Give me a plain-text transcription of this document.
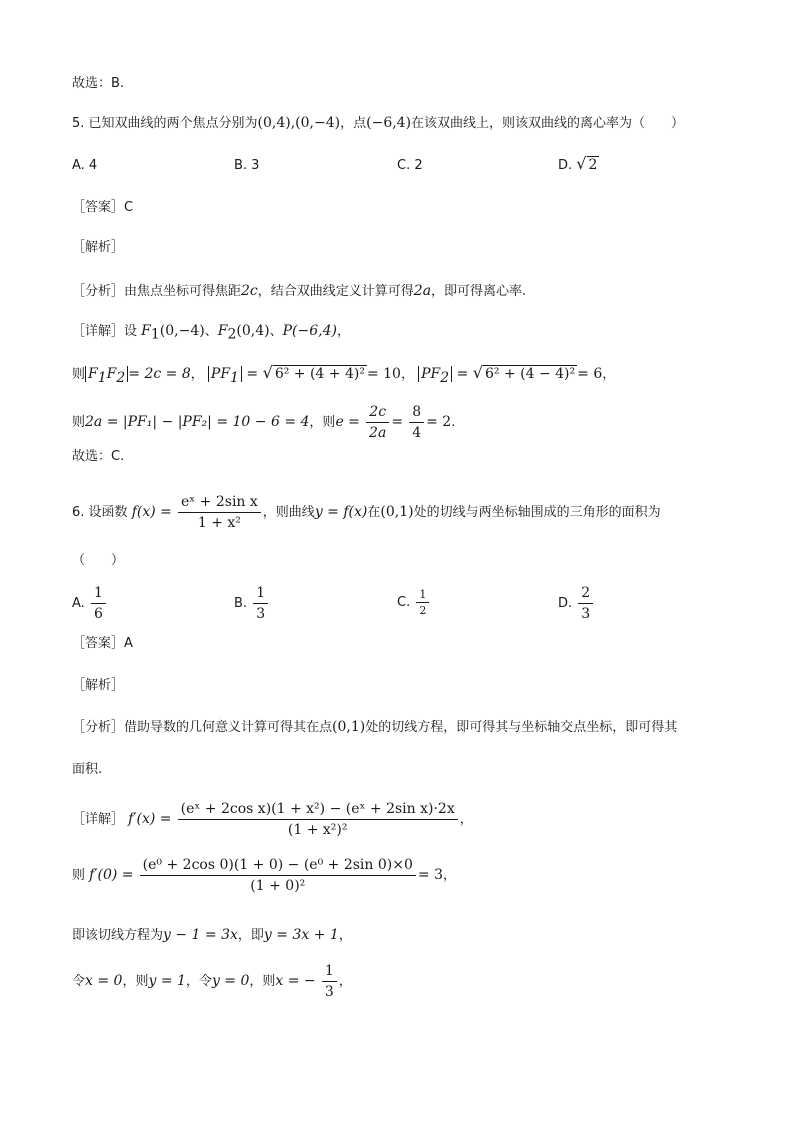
故选：B.
5. 已知双曲线的两个焦点分别为(0,4),(0,−4)，点(−6,4)在该双曲线上，则该双曲线的离心率为（　　）
A. 4	B. 3	C. 2	D. √ 2
［答案］C
［解析］
［分析］由焦点坐标可得焦距2c，结合双曲线定义计算可得2a，即可得离心率.
［详解］设 $F_1(0,-4)$、$F_2(0,4)$、P(−6,4)，
则 $F_1F_2 = 2c = 8$， $PF_1$ = √ 6² + (4 + 4)² = 10， $PF_2$ = √ 6² + (4 − 4)² = 6，
则2a = |PF₁| − |PF₂| = 10 − 6 = 4，则$e = \frac{2c}{2a} = \frac{8}{4} = 2$.
故选：C.
6. 设函数 $f(x) = \frac{\text{eˣ + 2sin x}}{\text{1 + x²}}$ ，则曲线y = f(x)在(0,1)处的切线与两坐标轴围成的三角形的面积为
（　　）
A. $\frac{1}{6}$	B. $\frac{1}{3}$	C. $\frac{1}{2}$	D. $\frac{2}{3}$
［答案］A
［解析］
［分析］借助导数的几何意义计算可得其在点(0,1)处的切线方程，即可得其与坐标轴交点坐标，即可得其
面积.
［详解］ $f'(x) = \frac{\text{(eˣ + 2cos x)(1 + x²) − (eˣ + 2sin x)·2x}}{\text{(1 + x²)²}}$ ，
则 $f'(0) = \frac{\text{(e⁰ + 2cos 0)(1 + 0) − (e⁰ + 2sin 0)×0}}{\text{(1 + 0)²}} = 3$，
即该切线方程为y − 1 = 3x，即y = 3x + 1，
令x = 0，则y = 1，令y = 0，则x = − $\frac{1}{3}$ ，
